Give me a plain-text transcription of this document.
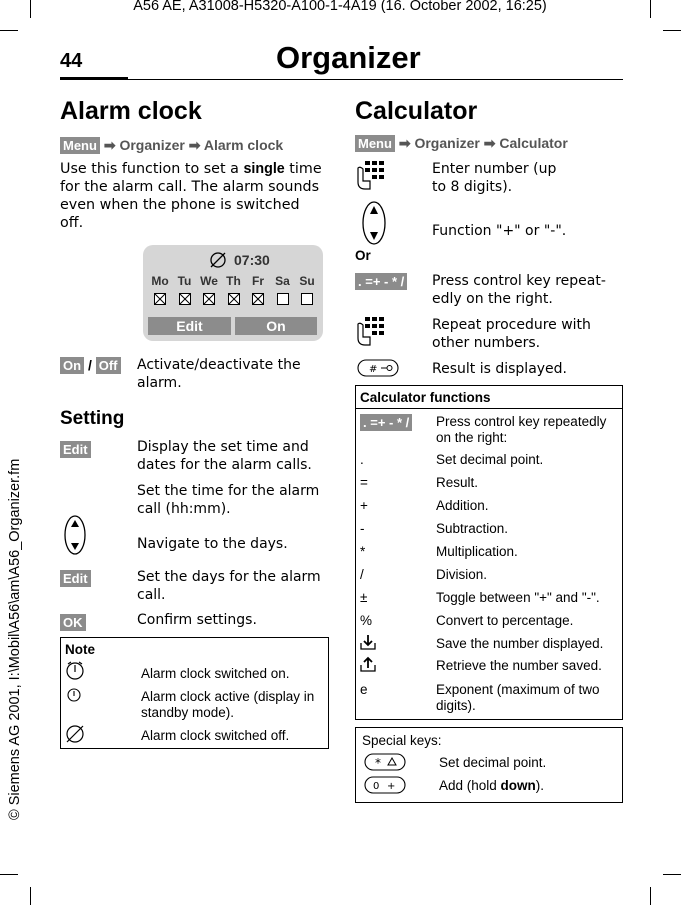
A56 AE, A31008-H5320-A100-1-4A19 (16. October 2002, 16:25)
44	Organizer
© Siemens AG 2001, I:\Mobil\A56\am\A56_Organizer.fm
Alarm clock
Menu ➡ Organizer ➡ Alarm clock
Use this function to set a single time for the alarm call. The alarm sounds even when the phone is switched off.
07:30
Mo Tu We Th Fr Sa Su
Edit	On
On / Off Activate/deactivate the alarm.
Setting
Edit	Display the set time and dates for the alarm calls.
Set the time for the alarm call (hh:mm).
Navigate to the days.
Edit	Set the days for the alarm call.
OK	Confirm settings.
Note
Alarm clock switched on.
Alarm clock active (display in standby mode).
Alarm clock switched off.
Calculator
Menu ➡ Organizer ➡ Calculator
Enter number (up to 8 digits).
Function "+" or "-".
Or
. =+ - * / Press control key repeat-edly on the right.
Repeat procedure with other numbers.
#	Result is displayed.
Calculator functions
. =+ - * / Press control key repeatedly on the right:
.	Set decimal point.
=	Result.
+	Addition.
-	Subtraction.
*	Multiplication.
/	Division.
±	Toggle between "+" and "-".
%	Convert to percentage.
Save the number displayed.
Retrieve the number saved.
e	Exponent (maximum of two digits).
Special keys:
*	Set decimal point.
0 +	Add (hold down).
